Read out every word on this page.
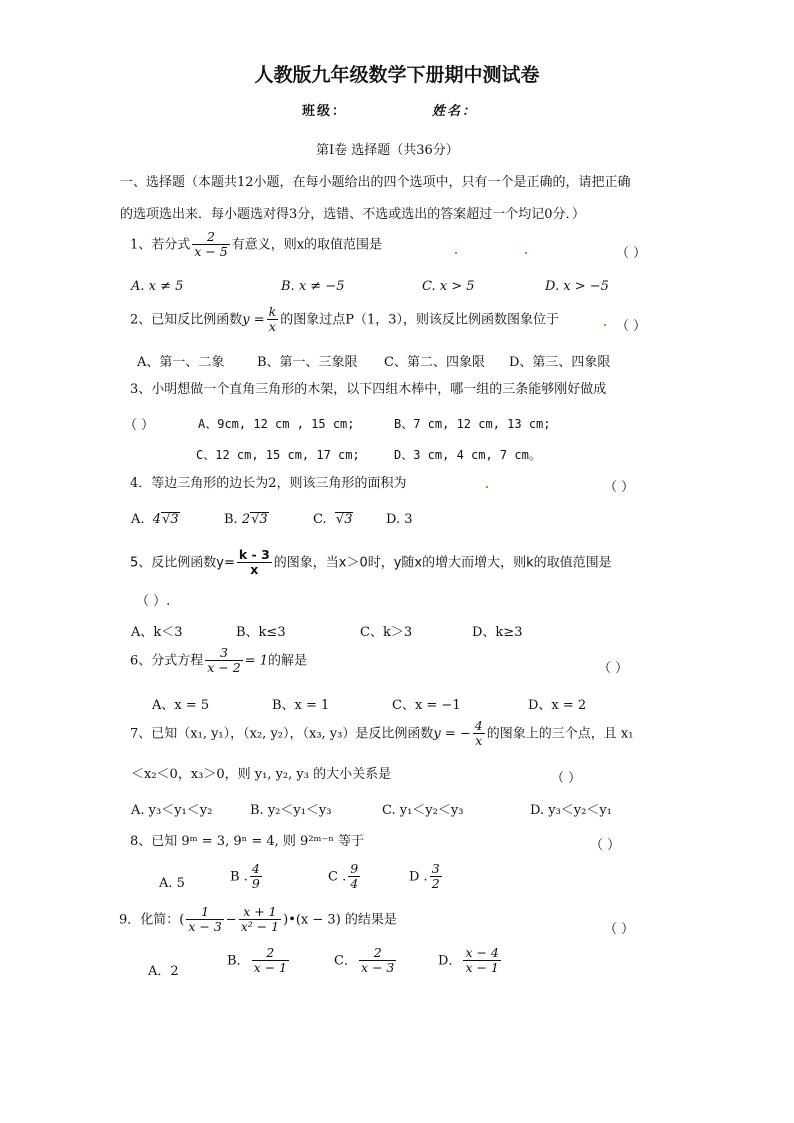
人教版九年级数学下册期中测试卷
班级：	姓名：
第Ⅰ卷 选择题（共36分）
一、选择题（本题共12小题，在每小题给出的四个选项中，只有一个是正确的，请把正确
的选项选出来．每小题选对得3分，选错、不选或选出的答案超过一个均记0分．）
1、若分式 $\frac{2}{x - 5}$ 有意义，则x的取值范围是
（ ）
A. x ≠ 5	B. x ≠ −5	C. x > 5	D. x > −5
2、已知反比例函数$y = \frac{k}{x}$ 的图象过点P（1，3），则该反比例函数图象位于	（ ）
A、第一、二象	B、第一、三象限 C、第二、四象限 D、第三、四象限
3、小明想做一个直角三角形的木架，以下四组木棒中，哪一组的三条能够刚好做成
（ ）	A、9cm, 12 cm , 15 cm;	B、7 cm, 12 cm, 13 cm;
C、12 cm, 15 cm, 17 cm;	D、3 cm, 4 cm, 7 cm。
4．等边三角形的边长为2，则该三角形的面积为	（ ）
A. 4√3	B. 2√3	C. √3	D. 3
5、反比例函数$y= \frac{k - 3}{x}$ 的图象，当x＞0时，y随x的增大而增大，则k的取值范围是
（ ）.
A、k＜3	B、k≤3	C、k＞3	D、k≥3
6、分式方程 $\frac{3}{x - 2} = 1$的解是
（ ）
A、x = 5	B、x = 1	C、x = −1	D、x = 2
7、已知（x₁, y₁），（x₂, y₂），（x₃, y₃）是反比例函数y = − $\frac{4}{x}$ 的图象上的三个点，且 x₁
＜x₂＜0，x₃＞0，则 y₁, y₂, y₃ 的大小关系是	（ ）
A. y₃＜y₁＜y₂	B. y₂＜y₁＜y₃	C. y₁＜y₂＜y₃	D. y₃＜y₂＜y₁
8、已知 9ᵐ = 3, 9ⁿ = 4, 则 9²ᵐ⁻ⁿ 等于	（ ）
A. 5	B . $\frac{4}{9}$	C . $\frac{9}{4}$	D . $\frac{3}{2}$
9．化简：( $\frac{1}{x - 3} - \frac{x + 1}{\text{x² − 1}}$ )•(x − 3) 的结果是
（ ）
A．2
B． $\frac{2}{x - 1}$	C． $\frac{2}{x - 3}$	D． $\frac{x - 4}{x - 1}$
